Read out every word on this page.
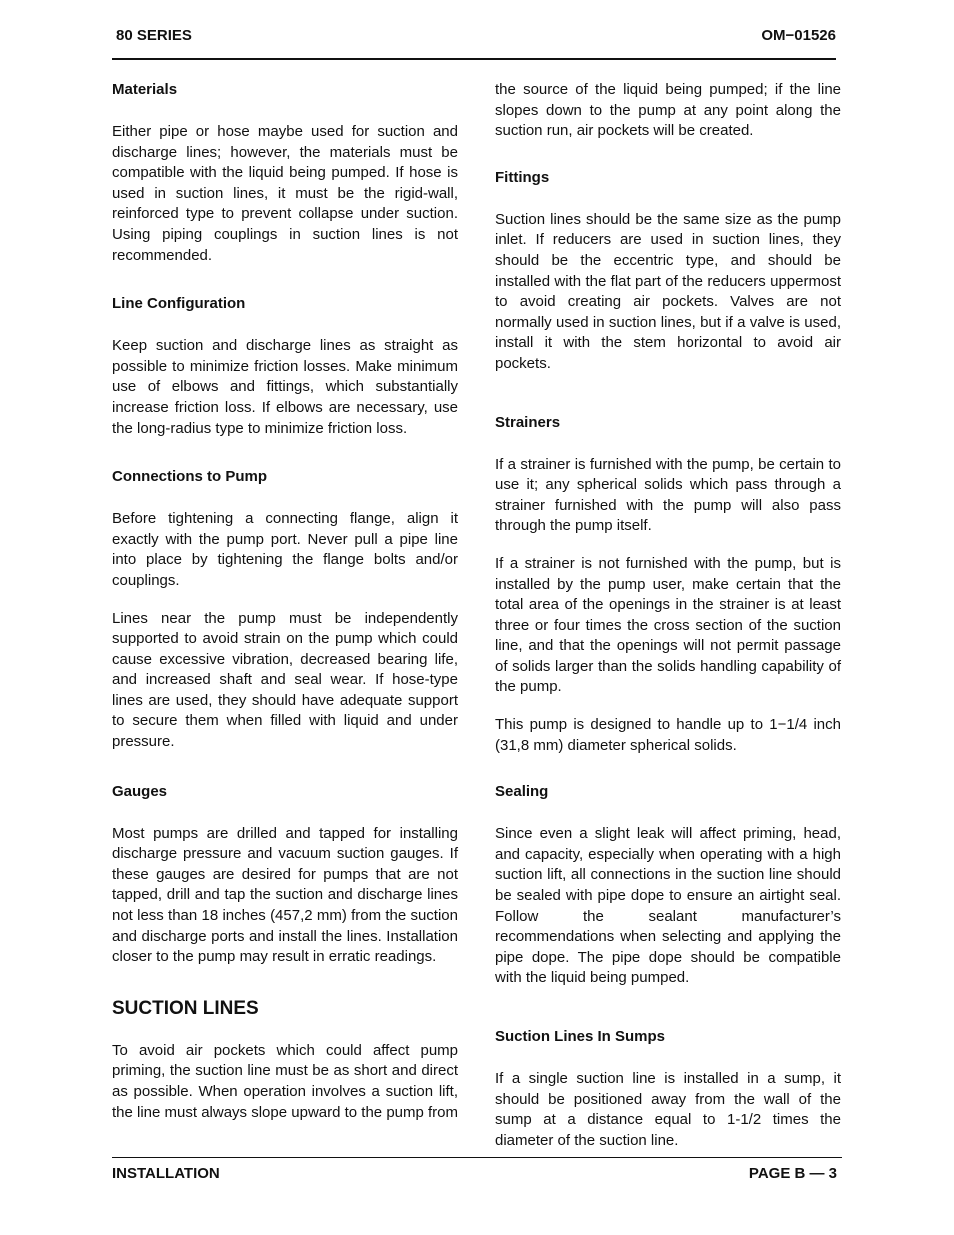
80 SERIES	OM−01526
Materials

Either pipe or hose maybe used for suction and discharge lines; however, the materials must be compatible with the liquid being pumped. If hose is used in suction lines, it must be the rigid-wall, reinforced type to prevent collapse under suction. Using piping couplings in suction lines is not recommended.

Line Configuration

Keep suction and discharge lines as straight as possible to minimize friction losses. Make minimum use of elbows and fittings, which substantially increase friction loss. If elbows are necessary, use the long-radius type to minimize friction loss.

Connections to Pump

Before tightening a connecting flange, align it exactly with the pump port. Never pull a pipe line into place by tightening the flange bolts and/or couplings.

Lines near the pump must be independently supported to avoid strain on the pump which could cause excessive vibration, decreased bearing life, and increased shaft and seal wear. If hose-type lines are used, they should have adequate support to secure them when filled with liquid and under pressure.

Gauges

Most pumps are drilled and tapped for installing discharge pressure and vacuum suction gauges. If these gauges are desired for pumps that are not tapped, drill and tap the suction and discharge lines not less than 18 inches (457,2 mm) from the suction and discharge ports and install the lines. Installation closer to the pump may result in erratic readings.

SUCTION LINES

To avoid air pockets which could affect pump priming, the suction line must be as short and direct as possible. When operation involves a suction lift, the line must always slope upward to the pump from

the source of the liquid being pumped; if the line slopes down to the pump at any point along the suction run, air pockets will be created.

Fittings

Suction lines should be the same size as the pump inlet. If reducers are used in suction lines, they should be the eccentric type, and should be installed with the flat part of the reducers uppermost to avoid creating air pockets. Valves are not normally used in suction lines, but if a valve is used, install it with the stem horizontal to avoid air pockets.

Strainers

If a strainer is furnished with the pump, be certain to use it; any spherical solids which pass through a strainer furnished with the pump will also pass through the pump itself.

If a strainer is not furnished with the pump, but is installed by the pump user, make certain that the total area of the openings in the strainer is at least three or four times the cross section of the suction line, and that the openings will not permit passage of solids larger than the solids handling capability of the pump.

This pump is designed to handle up to 1−1/4 inch (31,8 mm) diameter spherical solids.

Sealing

Since even a slight leak will affect priming, head, and capacity, especially when operating with a high suction lift, all connections in the suction line should be sealed with pipe dope to ensure an airtight seal. Follow the sealant manufacturer’s recommendations when selecting and applying the pipe dope. The pipe dope should be compatible with the liquid being pumped.

Suction Lines In Sumps

If a single suction line is installed in a sump, it should be positioned away from the wall of the sump at a distance equal to 1-1/2 times the diameter of the suction line.

INSTALLATION	PAGE B — 3
